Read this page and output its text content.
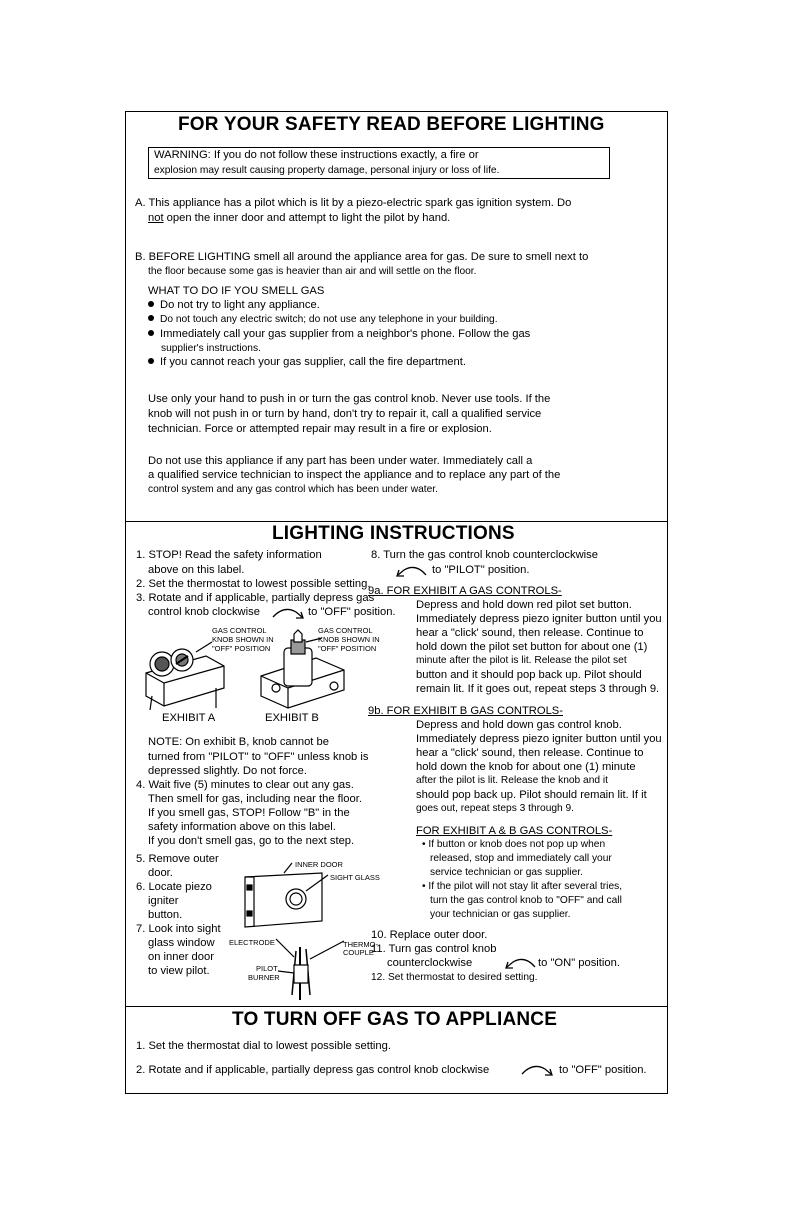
FOR YOUR SAFETY READ BEFORE LIGHTING
WARNING: If you do not follow these instructions exactly, a fire or
explosion may result causing property damage, personal injury or loss of life.
A. This appliance has a pilot which is lit by a piezo-electric spark gas ignition system. Do
not open the inner door and attempt to light the pilot by hand.
B. BEFORE LIGHTING smell all around the appliance area for gas. De sure to smell next to
the floor because some gas is heavier than air and will settle on the floor.
WHAT TO DO IF YOU SMELL GAS
Do not try to light any appliance.
Do not touch any electric switch; do not use any telephone in your building.
Immediately call your gas supplier from a neighbor's phone. Follow the gas
supplier's instructions.
If you cannot reach your gas supplier, call the fire department.
Use only your hand to push in or turn the gas control knob. Never use tools. If the
knob will not push in or turn by hand, don't try to repair it, call a qualified service
technician. Force or attempted repair may result in a fire or explosion.
Do not use this appliance if any part has been under water. Immediately call a
a qualified service technician to inspect the appliance and to replace any part of the
control system and any gas control which has been under water.
LIGHTING INSTRUCTIONS
1. STOP! Read the safety information
above on this label.
2. Set the thermostat to lowest possible setting.
3. Rotate and if applicable, partially depress gas
control knob clockwise	to "OFF" position.
GAS CONTROL
KNOB SHOWN IN
"OFF" POSITION
GAS CONTROL
KNOB SHOWN IN
"OFF" POSITION
EXHIBIT A	EXHIBIT B
NOTE: On exhibit B, knob cannot be
turned from "PILOT" to "OFF" unless knob is
depressed slightly. Do not force.
4. Wait five (5) minutes to clear out any gas.
Then smell for gas, including near the floor.
If you smell gas, STOP! Follow "B" in the
safety information above on this label.
If you don't smell gas, go to the next step.
5. Remove outer
door.
6. Locate piezo
igniter
button.
7. Look into sight
glass window
on inner door
to view pilot.
INNER DOOR
SIGHT GLASS
ELECTRODE	THERMO-
COUPLE
PILOT
BURNER
8. Turn the gas control knob counterclockwise
to "PILOT" position.
9a. FOR EXHIBIT A GAS CONTROLS-
Depress and hold down red pilot set button.
Immediately depress piezo igniter button until you
hear a "click' sound, then release. Continue to
hold down the pilot set button for about one (1)
minute after the pilot is lit. Release the pilot set
button and it should pop back up. Pilot should
remain lit. If it goes out, repeat steps 3 through 9.
9b. FOR EXHIBIT B GAS CONTROLS-
Depress and hold down gas control knob.
Immediately depress piezo igniter button until you
hear a "click' sound, then release. Continue to
hold down the knob for about one (1) minute
after the pilot is lit. Release the knob and it
should pop back up. Pilot should remain lit. If it
goes out, repeat steps 3 through 9.
FOR EXHIBIT A & B GAS CONTROLS-
• If button or knob does not pop up when
released, stop and immediately call your
service technician or gas supplier.
• If the pilot will not stay lit after several tries,
turn the gas control knob to "OFF" and call
your technician or gas supplier.
10. Replace outer door.
11. Turn gas control knob
counterclockwise	to "ON" position.
12. Set thermostat to desired setting.
TO TURN OFF GAS TO APPLIANCE
1. Set the thermostat dial to lowest possible setting.
2. Rotate and if applicable, partially depress gas control knob clockwise	to "OFF" position.
